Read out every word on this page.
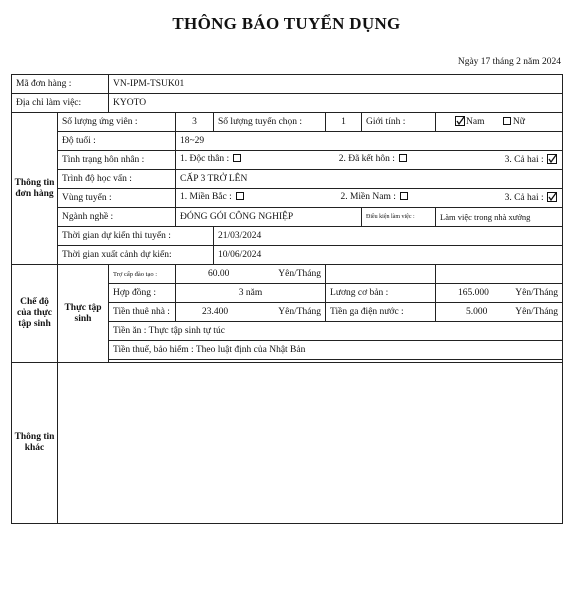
THÔNG BÁO TUYỂN DỤNG
Ngày 17 tháng 2 năm 2024
Mã đơn hàng :		VN-IPM-TSUK01					
Địa chỉ làm việc:		KYOTO					
Thông tin đơn hàng	Số lượng ứng viên :		3	Số lượng tuyển chọn :	1	Giới tính :	Nam Nữ
	Độ tuổi :		18~29				
	Tình trạng hôn nhân :		1. Độc thân : 2. Đã kết hôn : 3. Cả hai :				

	Trình độ học vấn :		CẤP 3 TRỞ LÊN				
	Vùng tuyển :		1. Miền Bắc : 2. Miền Nam : 3. Cả hai :				

	Ngành nghề :		ĐÓNG GÓI CÔNG NGHIỆP			Điều kiện làm việc :	Làm việc trong nhà xưởng
	Thời gian dự kiến thi tuyển :			21/03/2024			
	Thời gian xuất cảnh dự kiến:			10/06/2024			
Chế độ của thực tập sinh	Thực tập sinh	Trợ cấp đào tạo :	60.00 Yên/Tháng				

		Hợp đồng :	3 năm		Lương cơ bản :		165.000 Yên/Tháng

		Tiền thuê nhà :	23.400 Yên/Tháng		Tiền ga điện nước :		5.000 Yên/Tháng

		Tiền ăn : Thực tập sinh tự túc					
		Tiền thuế, bảo hiểm : Theo luật định của Nhật Bản					

Thông tin khác							
